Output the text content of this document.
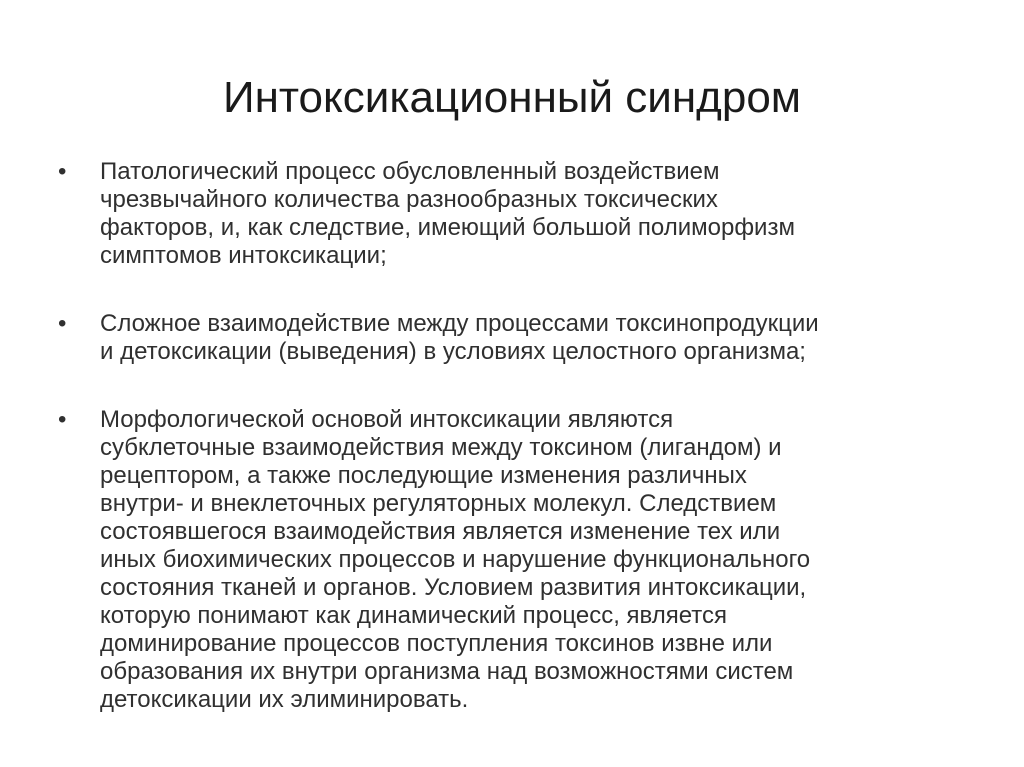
Интоксикационный синдром
•	Патологический процесс обусловленный воздействием
чрезвычайного количества разнообразных токсических
факторов, и, как следствие, имеющий большой полиморфизм
симптомов интоксикации;
•	Сложное взаимодействие между процессами токсинопродукции
и детоксикации (выведения) в условиях целостного организма;
•	Морфологической основой интоксикации являются
субклеточные взаимодействия между токсином (лигандом) и
рецептором, а также последующие изменения различных
внутри- и внеклеточных регуляторных молекул. Следствием
состоявшегося взаимодействия является изменение тех или
иных биохимических процессов и нарушение функционального
состояния тканей и органов. Условием развития интоксикации,
которую понимают как динамический процесс, является
доминирование процессов поступления токсинов извне или
образования их внутри организма над возможностями систем
детоксикации их элиминировать.
